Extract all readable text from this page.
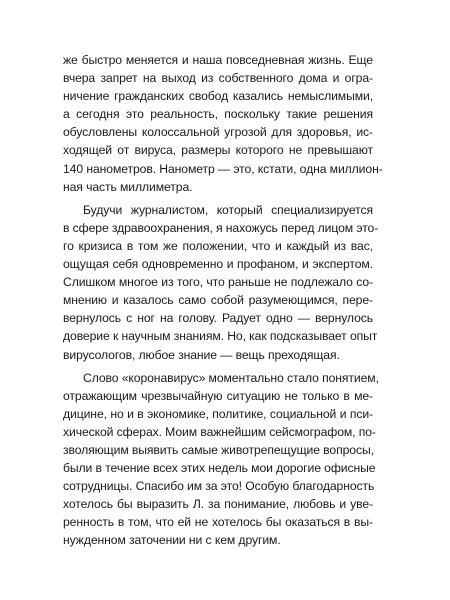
же быстро меняется и наша повседневная жизнь. Еще
вчера запрет на выход из собственного дома и огра-
ничение гражданских свобод казались немыслимыми,
а сегодня это реальность, поскольку такие решения
обусловлены колоссальной угрозой для здоровья, ис-
ходящей от вируса, размеры которого не превышают
140 нанометров. Нанометр — это, кстати, одна миллион-
ная часть миллиметра.

Будучи журналистом, который специализируется
в сфере здравоохранения, я нахожусь перед лицом это-
го кризиса в том же положении, что и каждый из вас,
ощущая себя одновременно и профаном, и экспертом.
Слишком многое из того, что раньше не подлежало со-
мнению и казалось само собой разумеющимся, пере-
вернулось с ног на голову. Радует одно — вернулось
доверие к научным знаниям. Но, как подсказывает опыт
вирусологов, любое знание — вещь преходящая.

Слово «коронавирус» моментально стало понятием,
отражающим чрезвычайную ситуацию не только в ме-
дицине, но и в экономике, политике, социальной и пси-
хической сферах. Моим важнейшим сейсмографом, по-
зволяющим выявить самые животрепещущие вопросы,
были в течение всех этих недель мои дорогие офисные
сотрудницы. Спасибо им за это! Особую благодарность
хотелось бы выразить Л. за понимание, любовь и уве-
ренность в том, что ей не хотелось бы оказаться в вы-
нужденном заточении ни с кем другим.
